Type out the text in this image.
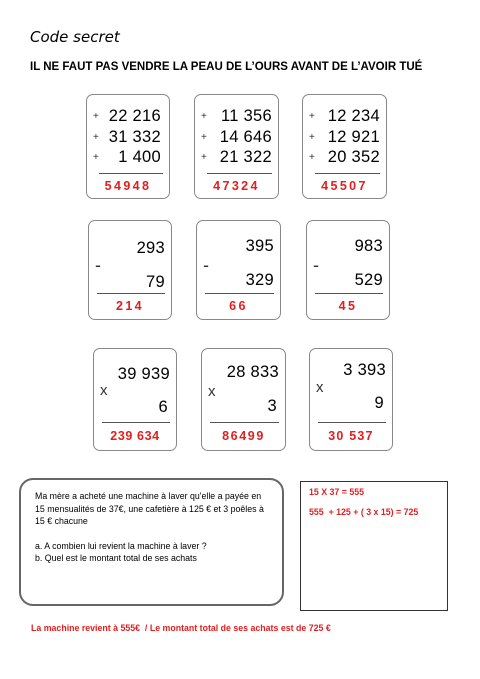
Code secret
IL NE FAUT PAS VENDRE LA PEAU DE L’OURS AVANT DE L’AVOIR TUÉ
+
+
+
22 216
31 332
1 400
54948
+
+
+
11 356
14 646
21 322
47324
+
+
+
12 234
12 921
20 352
45507
293
-
79
214
395
-
329
66
983
-
529
45
39 939
x
6
239 634
28 833
x
3
86499
3 393
x
9
30 537

Ma mère a acheté une machine à laver qu'elle a payée en 15 mensualités de 37€, une cafetière à 125 € et 3 poêles à 15 € chacune

a. A combien lui revient la machine à laver ?

b. Quel est le montant total de ses achats

15 X 37 = 555
555  + 125 + ( 3 x 15) = 725
La machine revient à 555€  / Le montant total de ses achats est de 725 €
